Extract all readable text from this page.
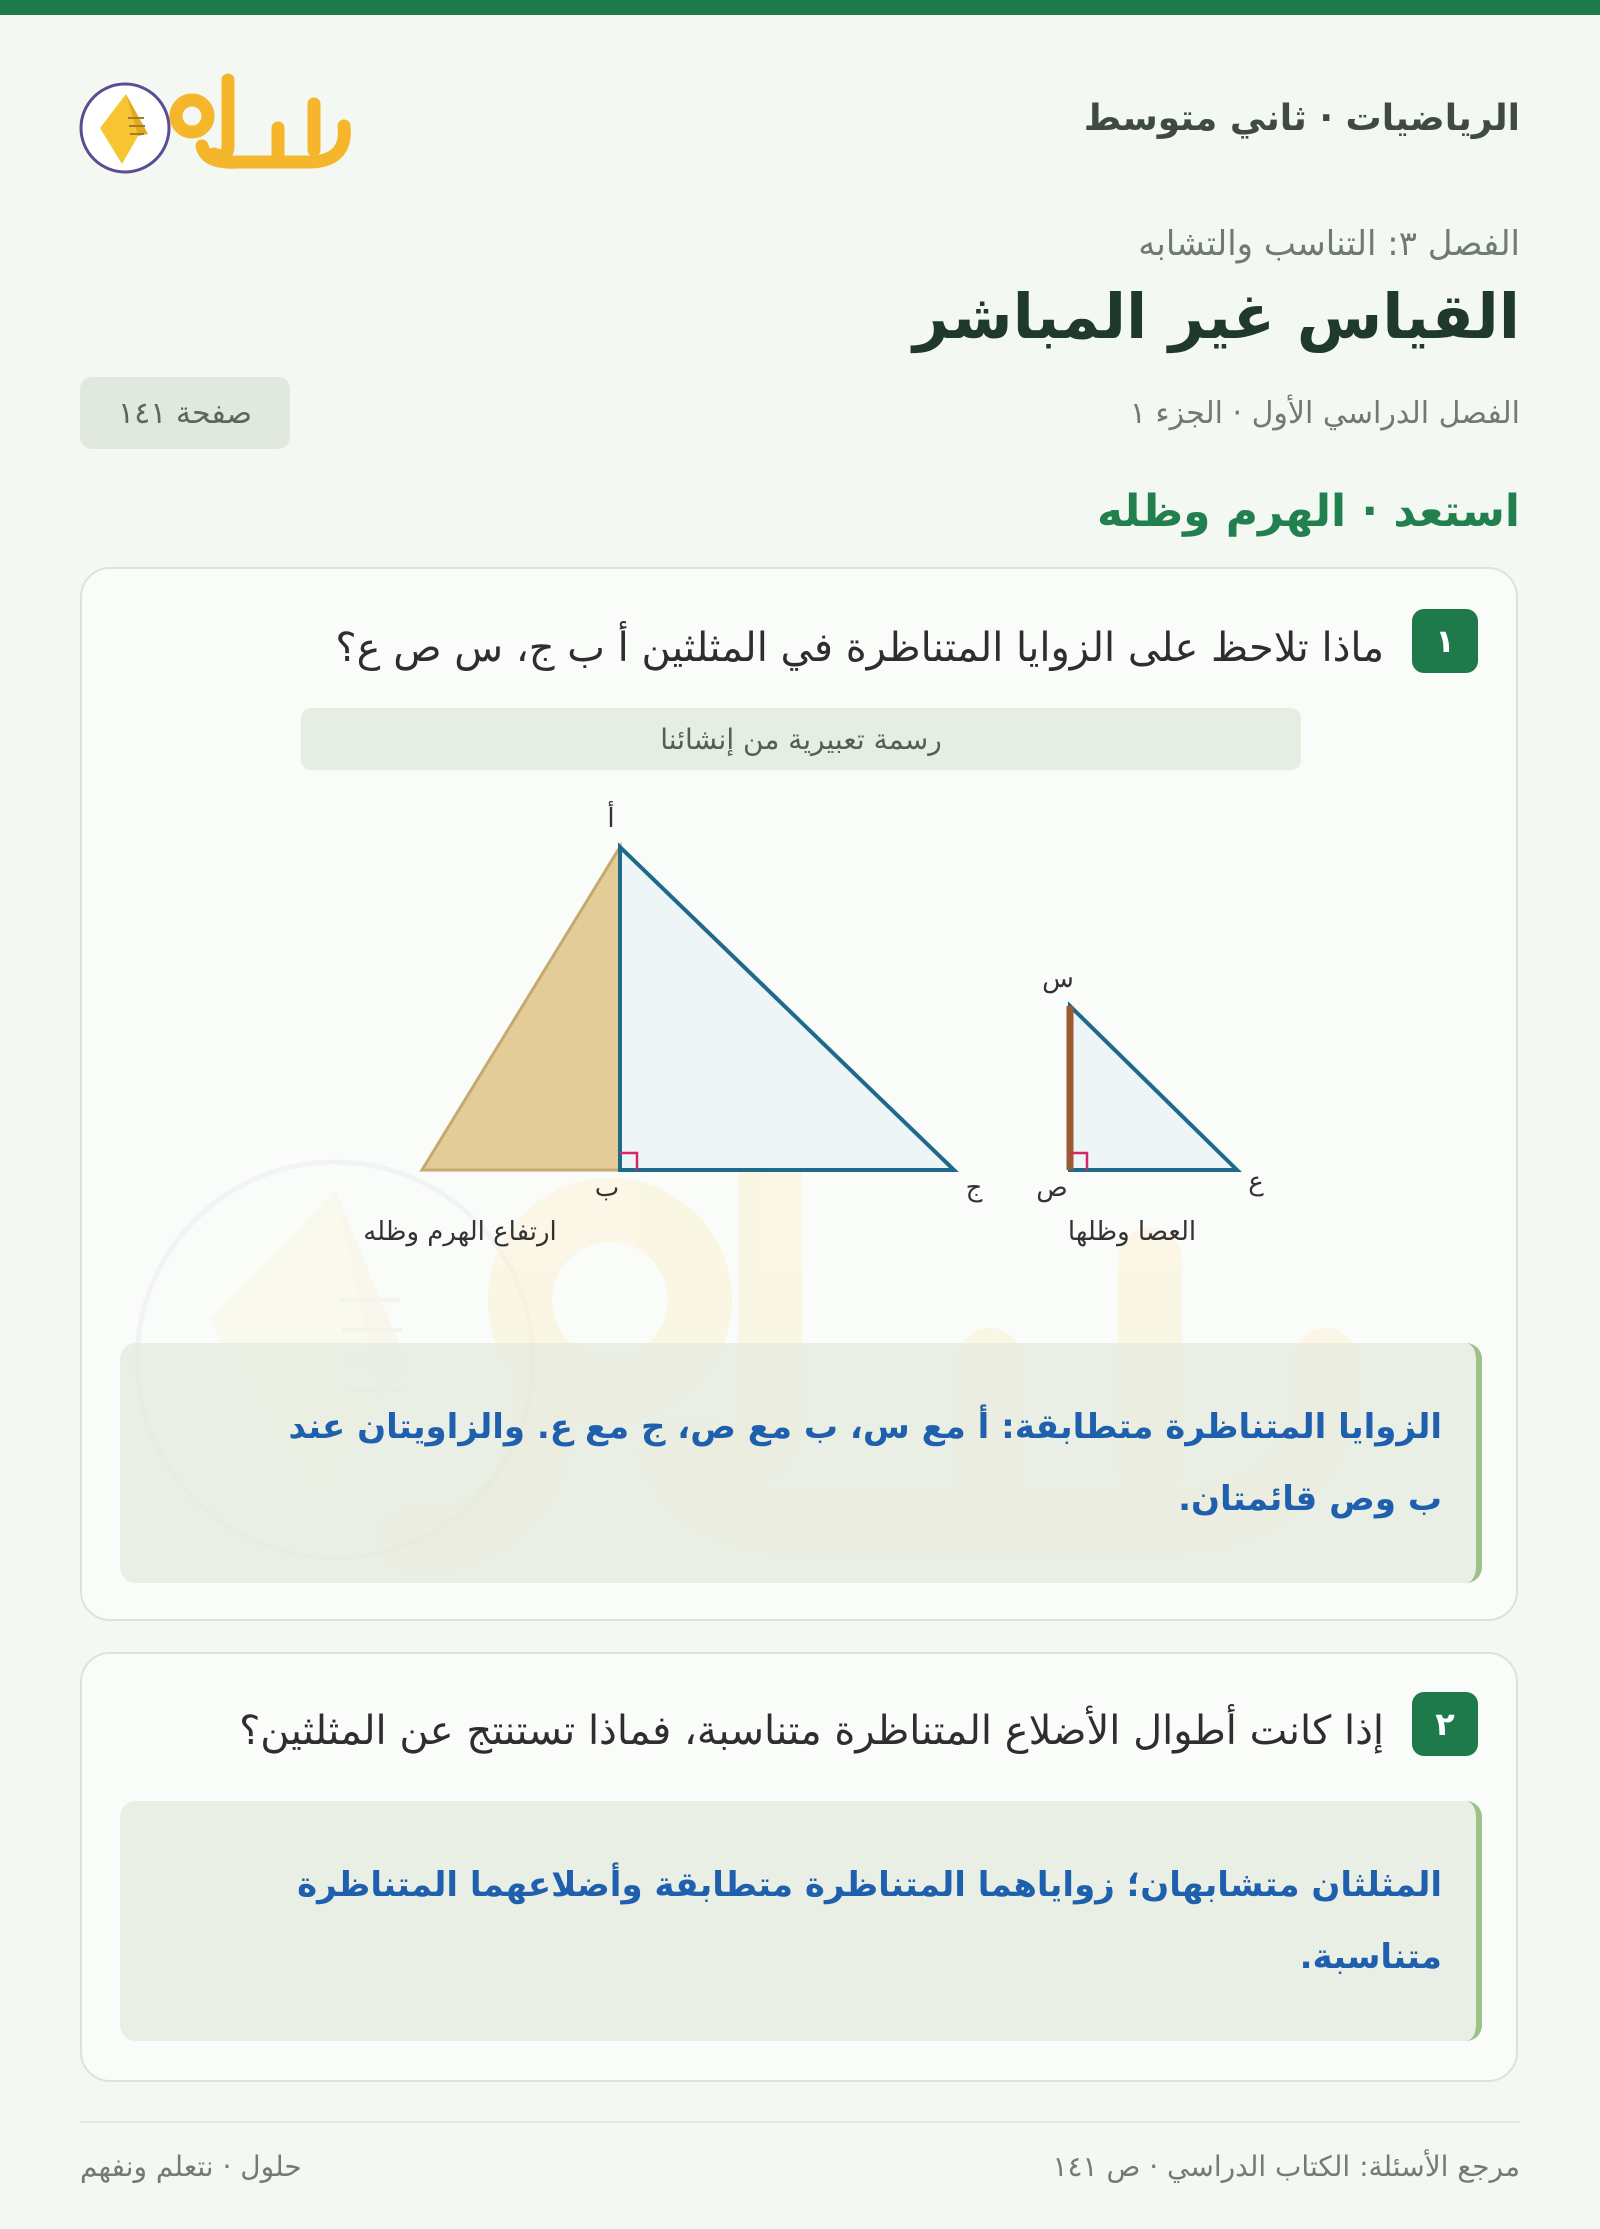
حلول	الرياضيات · ثاني متوسط
الفصل ٣: التناسب والتشابه
القياس غير المباشر
الفصل الدراسي الأول · الجزء ١
صفحة ١٤١
استعد · الهرم وظله
١
ماذا تلاحظ على الزوايا المتناظرة في المثلثين أ ب ج، س ص ع؟
رسمة تعبيرية من إنشائنا
أ
ب	ج
ارتفاع الهرم وظله
س
ص	ع
العصا وظلها
الزوايا المتناظرة متطابقة: أ مع س، ب مع ص، ج مع ع. والزاويتان عند ب وص قائمتان.
٢
إذا كانت أطوال الأضلاع المتناظرة متناسبة، فماذا تستنتج عن المثلثين؟
المثلثان متشابهان؛ زواياهما المتناظرة متطابقة وأضلاعهما المتناظرة متناسبة.
مرجع الأسئلة: الكتاب الدراسي · ص ١٤١
حلول · نتعلم ونفهم
